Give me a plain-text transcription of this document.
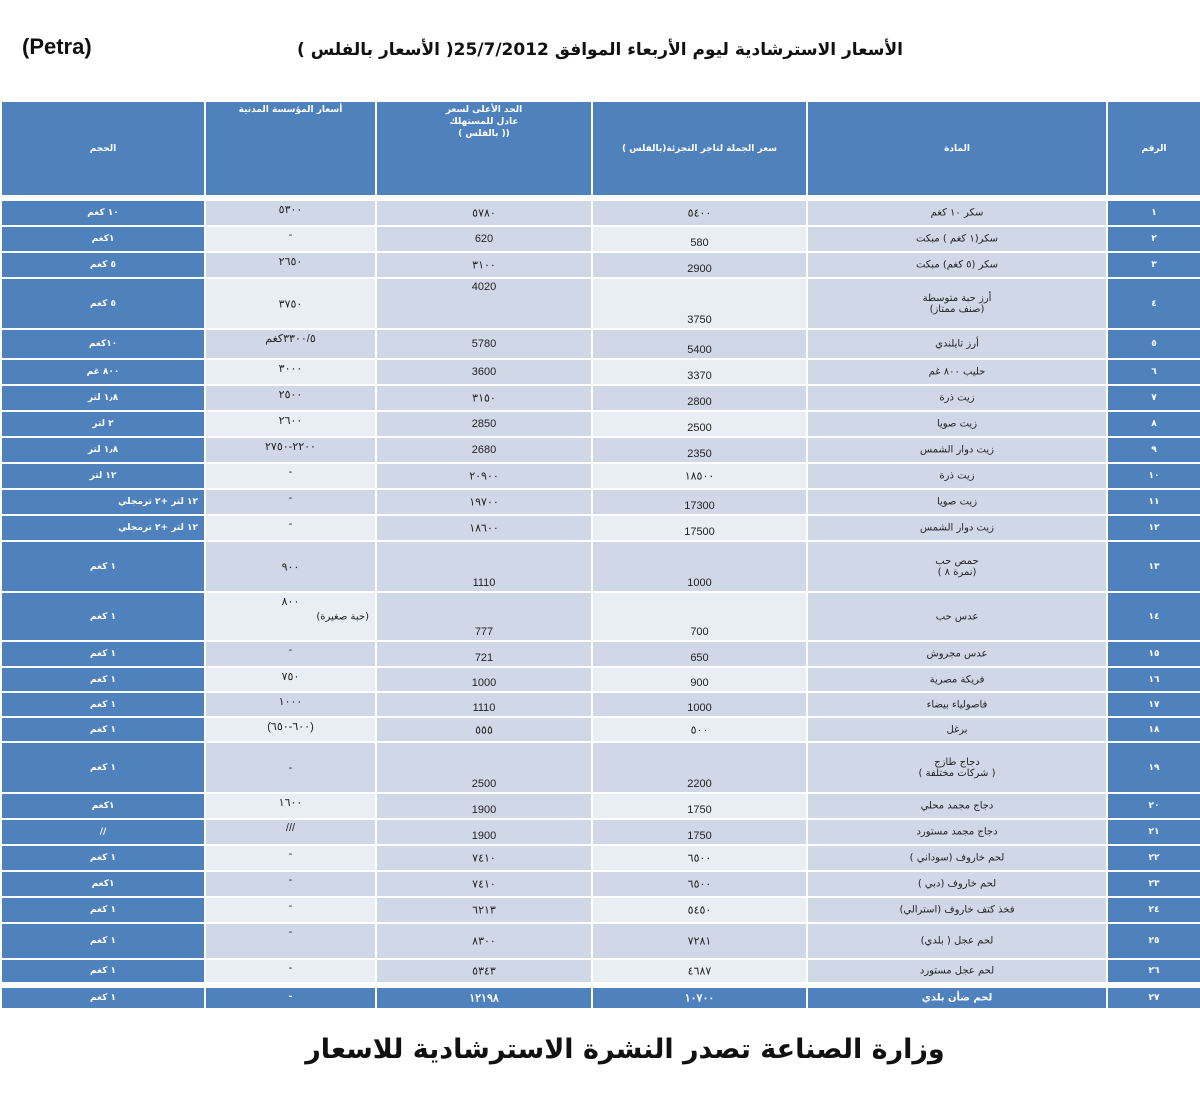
(Petra)	الأسعار الاسترشادية ليوم الأربعاء الموافق 25/7/2012( الأسعار بالفلس )
الحجم	أسعار المؤسسة المدنية	الحد الأعلى لسعر
عادل للمستهلك
( بالفلس ))	سعر الجملة لتاجر التجزئة(بالفلس )	المادة	الرقم

١٠ كغم	٥٣٠٠	٥٧٨٠	٥٤٠٠	سكر ١٠ كغم	١

١كغم	-	620	580	سكر(١ كغم ) مبكت	٢

٥ كغم	٢٦٥٠	٣١٠٠	2900	سكر (٥ كغم) مبكت	٣

٥ كغم	٣٧٥٠	4020	3750	أرز حبة متوسطة
(صنف ممتاز)	٤

١٠كغم	٣٣٠٠/٥كغم	5780	5400	أرز تايلندي	٥

٨٠٠ غم	٣٠٠٠	3600	3370	حليب ٨٠٠ غم	٦

١٫٨ لتر	٢٥٠٠	٣١٥٠	2800	زيت ذرة	٧

٢ لتر	٢٦٠٠	2850	2500	زيت صويا	٨

١٫٨ لتر	٢٢٠٠-٢٧٥٠	2680	2350	زيت دوار الشمس	٩

١٢ لتر	-	٢٠٩٠٠	١٨٥٠٠	زيت ذرة	١٠

١٢ لتر +٢ ترمجلي	-	١٩٧٠٠	17300	زيت صويا	١١

١٢ لتر +٢ ترمجلي	-	١٨٦٠٠	17500	زيت دوار الشمس	١٢

١ كغم	٩٠٠	1110	1000	حمص حب
(نمرة ٨ )	١٣

١ كغم	٨٠٠
(حبة صغيرة)	777	700	عدس حب	١٤

١ كغم	-	721	650	عدس مجروش	١٥

١ كغم	٧٥٠	1000	900	فريكة مصرية	١٦

١ كغم	١٠٠٠	1110	1000	فاصولياء بيضاء	١٧

١ كغم	(٦٠٠-٦٥٠)	٥٥٥	٥٠٠	برغل	١٨

١ كغم	-	2500	2200	دجاج طازج
( شركات مختلفة )	١٩

١كغم	١٦٠٠	1900	1750	دجاج مجمد محلي	٢٠

//	///	1900	1750	دجاج مجمد مستورد	٢١

١ كغم	-	٧٤١٠	٦٥٠٠	لحم خاروف (سوداني )	٢٢

١كغم	-	٧٤١٠	٦٥٠٠	لحم خاروف (دبي )	٢٣

١ كغم	-	٦٢١٣	٥٤٥٠	فخذ كتف خاروف (استرالي)	٢٤

١ كغم	-	٨٣٠٠	٧٢٨١	لحم عجل ( بلدي)	٢٥

١ كغم	-	٥٣٤٣	٤٦٨٧	لحم عجل مستورد	٢٦

١ كغم	-	١٢١٩٨	١٠٧٠٠	لحم ضأن بلدي	٢٧
وزارة الصناعة تصدر النشرة الاسترشادية للاسعار
